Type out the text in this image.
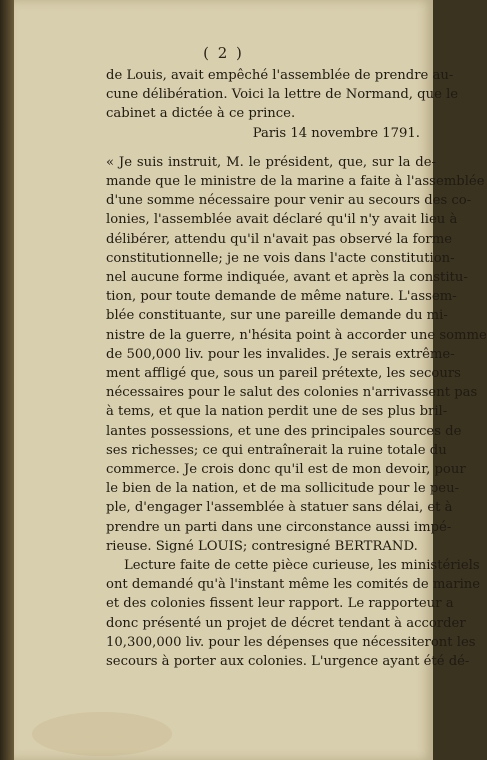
( 2 )
de Louis, avait empêché l'assemblée de prendre au-
cune délibération. Voici la lettre de Normand, que le
cabinet a dictée à ce prince.
Paris 14 novembre 1791.
« Je suis instruit, M. le président, que, sur la de-
mande que le ministre de la marine a faite à l'assemblée
d'une somme nécessaire pour venir au secours des co-
lonies, l'assemblée avait déclaré qu'il n'y avait lieu à
délibérer, attendu qu'il n'avait pas observé la forme
constitutionnelle; je ne vois dans l'acte constitution-
nel aucune forme indiquée, avant et après la constitu-
tion, pour toute demande de même nature. L'assem-
blée constituante, sur une pareille demande du mi-
nistre de la guerre, n'hésita point à accorder une somme
de 500,000 liv. pour les invalides. Je serais extrême-
ment affligé que, sous un pareil prétexte, les secours
nécessaires pour le salut des colonies n'arrivassent pas
à tems, et que la nation perdit une de ses plus bril-
lantes possessions, et une des principales sources de
ses richesses; ce qui entraînerait la ruine totale du
commerce. Je crois donc qu'il est de mon devoir, pour
le bien de la nation, et de ma sollicitude pour le peu-
ple, d'engager l'assemblée à statuer sans délai, et à
prendre un parti dans une circonstance aussi impé-
rieuse. Signé LOUIS; contresigné BERTRAND.
Lecture faite de cette pièce curieuse, les ministériels
ont demandé qu'à l'instant même les comités de marine
et des colonies fissent leur rapport. Le rapporteur a
donc présenté un projet de décret tendant à accorder
10,300,000 liv. pour les dépenses que nécessiteront les
secours à porter aux colonies. L'urgence ayant été dé-
